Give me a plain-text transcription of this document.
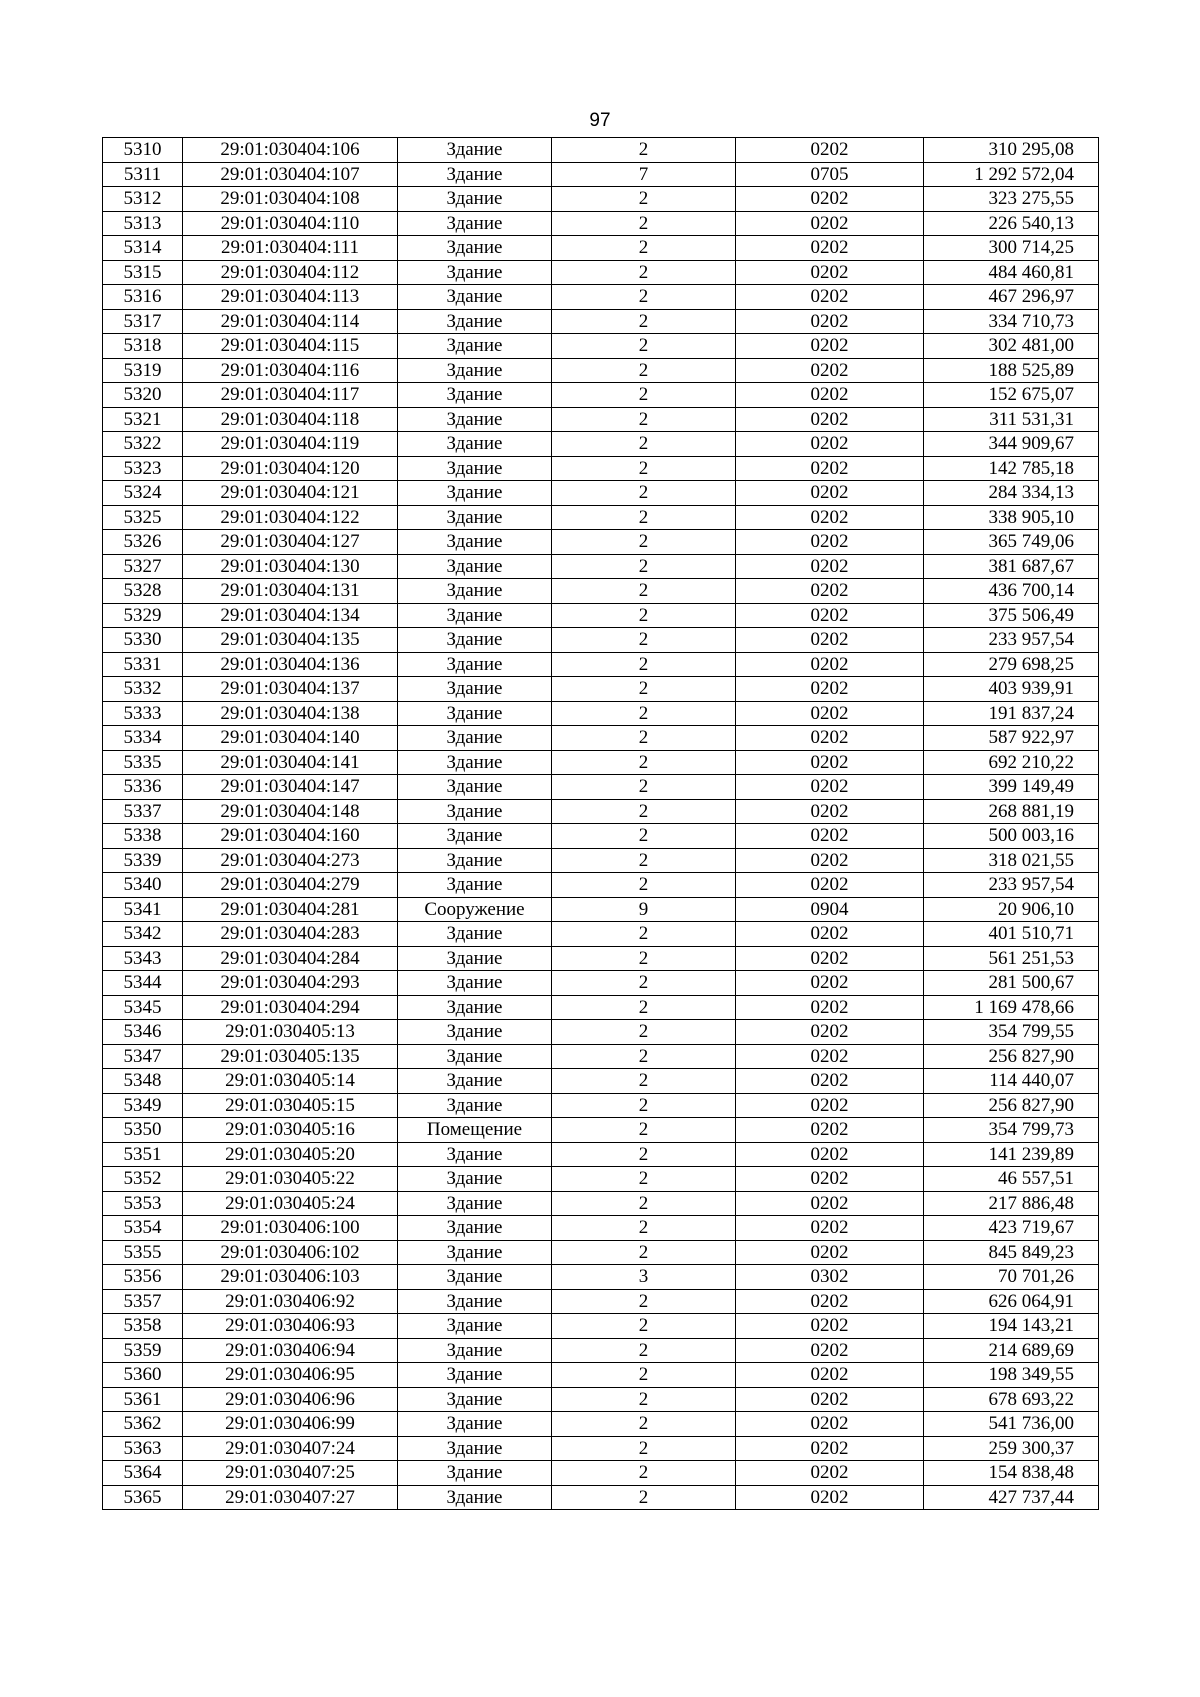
97
5310	29:01:030404:106	Здание	2	0202	310 295,08
5311	29:01:030404:107	Здание	7	0705	1 292 572,04
5312	29:01:030404:108	Здание	2	0202	323 275,55
5313	29:01:030404:110	Здание	2	0202	226 540,13
5314	29:01:030404:111	Здание	2	0202	300 714,25
5315	29:01:030404:112	Здание	2	0202	484 460,81
5316	29:01:030404:113	Здание	2	0202	467 296,97
5317	29:01:030404:114	Здание	2	0202	334 710,73
5318	29:01:030404:115	Здание	2	0202	302 481,00
5319	29:01:030404:116	Здание	2	0202	188 525,89
5320	29:01:030404:117	Здание	2	0202	152 675,07
5321	29:01:030404:118	Здание	2	0202	311 531,31
5322	29:01:030404:119	Здание	2	0202	344 909,67
5323	29:01:030404:120	Здание	2	0202	142 785,18
5324	29:01:030404:121	Здание	2	0202	284 334,13
5325	29:01:030404:122	Здание	2	0202	338 905,10
5326	29:01:030404:127	Здание	2	0202	365 749,06
5327	29:01:030404:130	Здание	2	0202	381 687,67
5328	29:01:030404:131	Здание	2	0202	436 700,14
5329	29:01:030404:134	Здание	2	0202	375 506,49
5330	29:01:030404:135	Здание	2	0202	233 957,54
5331	29:01:030404:136	Здание	2	0202	279 698,25
5332	29:01:030404:137	Здание	2	0202	403 939,91
5333	29:01:030404:138	Здание	2	0202	191 837,24
5334	29:01:030404:140	Здание	2	0202	587 922,97
5335	29:01:030404:141	Здание	2	0202	692 210,22
5336	29:01:030404:147	Здание	2	0202	399 149,49
5337	29:01:030404:148	Здание	2	0202	268 881,19
5338	29:01:030404:160	Здание	2	0202	500 003,16
5339	29:01:030404:273	Здание	2	0202	318 021,55
5340	29:01:030404:279	Здание	2	0202	233 957,54
5341	29:01:030404:281	Сооружение	9	0904	20 906,10
5342	29:01:030404:283	Здание	2	0202	401 510,71
5343	29:01:030404:284	Здание	2	0202	561 251,53
5344	29:01:030404:293	Здание	2	0202	281 500,67
5345	29:01:030404:294	Здание	2	0202	1 169 478,66
5346	29:01:030405:13	Здание	2	0202	354 799,55
5347	29:01:030405:135	Здание	2	0202	256 827,90
5348	29:01:030405:14	Здание	2	0202	114 440,07
5349	29:01:030405:15	Здание	2	0202	256 827,90
5350	29:01:030405:16	Помещение	2	0202	354 799,73
5351	29:01:030405:20	Здание	2	0202	141 239,89
5352	29:01:030405:22	Здание	2	0202	46 557,51
5353	29:01:030405:24	Здание	2	0202	217 886,48
5354	29:01:030406:100	Здание	2	0202	423 719,67
5355	29:01:030406:102	Здание	2	0202	845 849,23
5356	29:01:030406:103	Здание	3	0302	70 701,26
5357	29:01:030406:92	Здание	2	0202	626 064,91
5358	29:01:030406:93	Здание	2	0202	194 143,21
5359	29:01:030406:94	Здание	2	0202	214 689,69
5360	29:01:030406:95	Здание	2	0202	198 349,55
5361	29:01:030406:96	Здание	2	0202	678 693,22
5362	29:01:030406:99	Здание	2	0202	541 736,00
5363	29:01:030407:24	Здание	2	0202	259 300,37
5364	29:01:030407:25	Здание	2	0202	154 838,48
5365	29:01:030407:27	Здание	2	0202	427 737,44
